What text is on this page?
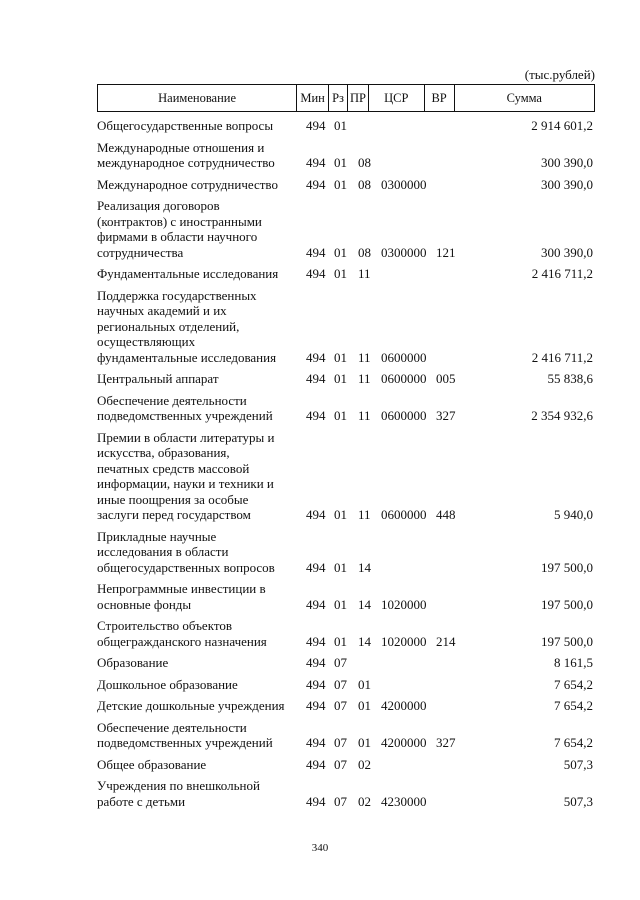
(тыс.рублей)
Наименование	Мин Рз ПР	ЦСР	ВР	Сумма
Общегосударственные вопросы	494 01	2 914 601,2
Международные отношения и
международное сотрудничество	494 01 08	300 390,0
Международное сотрудничество	494 01 08 0300000	300 390,0
Реализация договоров
(контрактов) с иностранными
фирмами в области научного
сотрудничества	494 01 08 0300000 121	300 390,0
Фундаментальные исследования	494 01 11	2 416 711,2
Поддержка государственных
научных академий и их
региональных отделений,
осуществляющих
фундаментальные исследования	494 01 11 0600000	2 416 711,2
Центральный аппарат	494 01 11 0600000 005	55 838,6
Обеспечение деятельности
подведомственных учреждений	494 01 11 0600000 327	2 354 932,6
Премии в области литературы и
искусства, образования,
печатных средств массовой
информации, науки и техники и
иные поощрения за особые
заслуги перед государством	494 01 11 0600000 448	5 940,0
Прикладные научные
исследования в области
общегосударственных вопросов	494 01 14	197 500,0
Непрограммные инвестиции в
основные фонды	494 01 14 1020000	197 500,0
Строительство объектов
общегражданского назначения	494 01 14 1020000 214	197 500,0
Образование	494 07	8 161,5
Дошкольное образование	494 07 01	7 654,2
Детские дошкольные учреждения	494 07 01 4200000	7 654,2
Обеспечение деятельности
подведомственных учреждений	494 07 01 4200000 327	7 654,2
Общее образование	494 07 02	507,3
Учреждения по внешкольной
работе с детьми	494 07 02 4230000	507,3
340
